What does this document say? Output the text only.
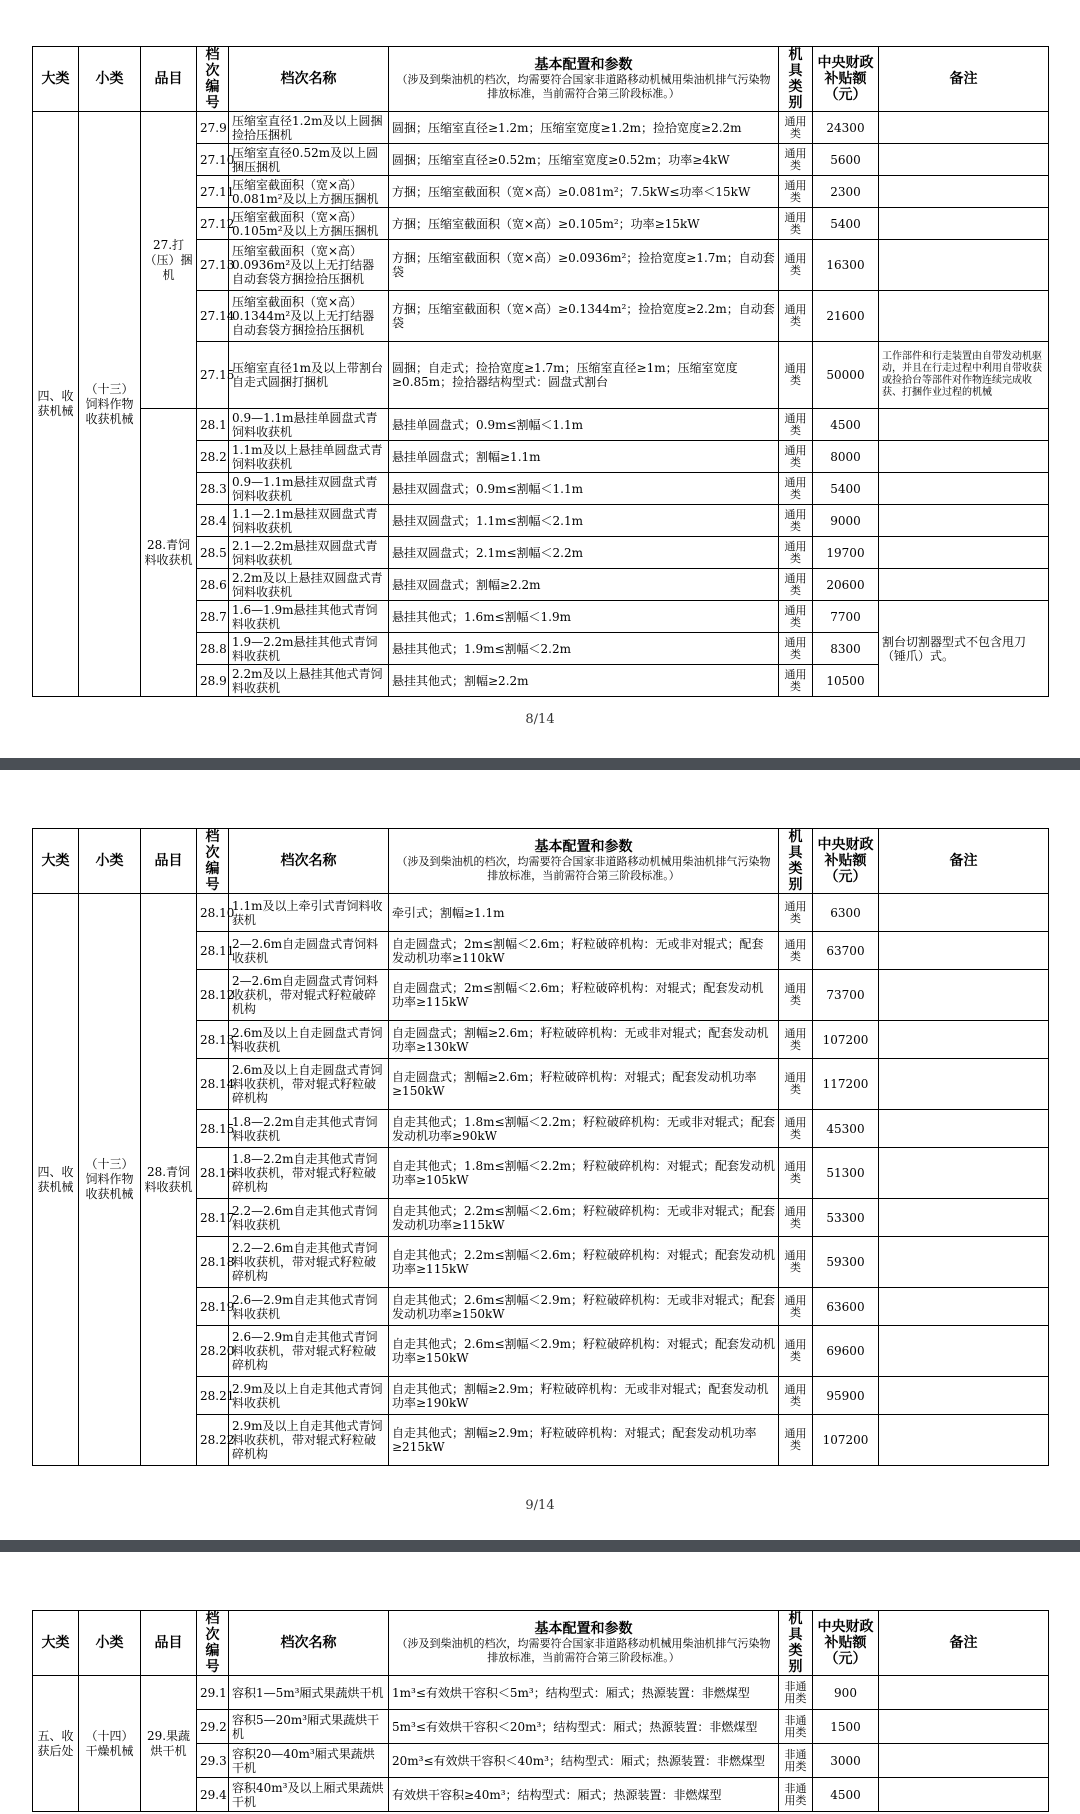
大类	小类	品目	档次编号	档次名称	基本配置和参数
（涉及到柴油机的档次，均需要符合国家非道路移动机械用柴油机排气污染物排放标准，当前需符合第三阶段标准。）	机具类别	中央财政补贴额（元）	备注
四、收获机械	（十三）饲料作物收获机械	27.打（压）捆机	27.9	压缩室直径1.2m及以上圆捆捡拾压捆机	圆捆；压缩室直径≥1.2m；压缩室宽度≥1.2m；捡拾宽度≥2.2m	通用类	24300	
			27.10	压缩室直径0.52m及以上圆捆压捆机	圆捆；压缩室直径≥0.52m；压缩室宽度≥0.52m；功率≥4kW	通用类	5600	
			27.11	压缩室截面积（宽×高）0.081m²及以上方捆压捆机	方捆；压缩室截面积（宽×高）≥0.081m²；7.5kW≤功率＜15kW	通用类	2300	
			27.12	压缩室截面积（宽×高）0.105m²及以上方捆压捆机	方捆；压缩室截面积（宽×高）≥0.105m²；功率≥15kW	通用类	5400	
			27.13	压缩室截面积（宽×高）0.0936m²及以上无打结器自动套袋方捆捡拾压捆机	方捆；压缩室截面积（宽×高）≥0.0936m²；捡拾宽度≥1.7m；自动套袋	通用类	16300	
			27.14	压缩室截面积（宽×高）0.1344m²及以上无打结器自动套袋方捆捡拾压捆机	方捆；压缩室截面积（宽×高）≥0.1344m²；捡拾宽度≥2.2m；自动套袋	通用类	21600	
			27.15	压缩室直径1m及以上带割台自走式圆捆打捆机	圆捆；自走式；捡拾宽度≥1.7m；压缩室直径≥1m；压缩室宽度≥0.85m；捡拾器结构型式：圆盘式割台	通用类	50000	工作部件和行走装置由自带发动机驱动，并且在行走过程中利用自带收获或捡拾台等部件对作物连续完成收获、打捆作业过程的机械
		28.青饲料收获机	28.1	0.9—1.1m悬挂单圆盘式青饲料收获机	悬挂单圆盘式；0.9m≤割幅＜1.1m	通用类	4500	
			28.2	1.1m及以上悬挂单圆盘式青饲料收获机	悬挂单圆盘式；割幅≥1.1m	通用类	8000	
			28.3	0.9—1.1m悬挂双圆盘式青饲料收获机	悬挂双圆盘式；0.9m≤割幅＜1.1m	通用类	5400	
			28.4	1.1—2.1m悬挂双圆盘式青饲料收获机	悬挂双圆盘式；1.1m≤割幅＜2.1m	通用类	9000	
			28.5	2.1—2.2m悬挂双圆盘式青饲料收获机	悬挂双圆盘式；2.1m≤割幅＜2.2m	通用类	19700	
			28.6	2.2m及以上悬挂双圆盘式青饲料收获机	悬挂双圆盘式；割幅≥2.2m	通用类	20600	
			28.7	1.6—1.9m悬挂其他式青饲料收获机	悬挂其他式；1.6m≤割幅＜1.9m	通用类	7700	割台切割器型式不包含甩刀（锤爪）式。
			28.8	1.9—2.2m悬挂其他式青饲料收获机	悬挂其他式；1.9m≤割幅＜2.2m	通用类	8300	
			28.9	2.2m及以上悬挂其他式青饲料收获机	悬挂其他式；割幅≥2.2m	通用类	10500	
8/14
大类	小类	品目	档次编号	档次名称	基本配置和参数
（涉及到柴油机的档次，均需要符合国家非道路移动机械用柴油机排气污染物排放标准，当前需符合第三阶段标准。）	机具类别	中央财政补贴额（元）	备注
四、收获机械	（十三）饲料作物收获机械	28.青饲料收获机	28.10	1.1m及以上牵引式青饲料收获机	牵引式；割幅≥1.1m	通用类	6300	
			28.11	2—2.6m自走圆盘式青饲料收获机	自走圆盘式；2m≤割幅＜2.6m；籽粒破碎机构：无或非对辊式；配套发动机功率≥110kW	通用类	63700	
			28.12	2—2.6m自走圆盘式青饲料收获机，带对辊式籽粒破碎机构	自走圆盘式；2m≤割幅＜2.6m；籽粒破碎机构：对辊式；配套发动机功率≥115kW	通用类	73700	
			28.13	2.6m及以上自走圆盘式青饲料收获机	自走圆盘式；割幅≥2.6m；籽粒破碎机构：无或非对辊式；配套发动机功率≥130kW	通用类	107200	
			28.14	2.6m及以上自走圆盘式青饲料收获机，带对辊式籽粒破碎机构	自走圆盘式；割幅≥2.6m；籽粒破碎机构：对辊式；配套发动机功率≥150kW	通用类	117200	
			28.15	1.8—2.2m自走其他式青饲料收获机	自走其他式；1.8m≤割幅＜2.2m；籽粒破碎机构：无或非对辊式；配套发动机功率≥90kW	通用类	45300	
			28.16	1.8—2.2m自走其他式青饲料收获机，带对辊式籽粒破碎机构	自走其他式；1.8m≤割幅＜2.2m；籽粒破碎机构：对辊式；配套发动机功率≥105kW	通用类	51300	
			28.17	2.2—2.6m自走其他式青饲料收获机	自走其他式；2.2m≤割幅＜2.6m；籽粒破碎机构：无或非对辊式；配套发动机功率≥115kW	通用类	53300	
			28.18	2.2—2.6m自走其他式青饲料收获机，带对辊式籽粒破碎机构	自走其他式；2.2m≤割幅＜2.6m；籽粒破碎机构：对辊式；配套发动机功率≥115kW	通用类	59300	
			28.19	2.6—2.9m自走其他式青饲料收获机	自走其他式；2.6m≤割幅＜2.9m；籽粒破碎机构：无或非对辊式；配套发动机功率≥150kW	通用类	63600	
			28.20	2.6—2.9m自走其他式青饲料收获机，带对辊式籽粒破碎机构	自走其他式；2.6m≤割幅＜2.9m；籽粒破碎机构：对辊式；配套发动机功率≥150kW	通用类	69600	
			28.21	2.9m及以上自走其他式青饲料收获机	自走其他式；割幅≥2.9m；籽粒破碎机构：无或非对辊式；配套发动机功率≥190kW	通用类	95900	
			28.22	2.9m及以上自走其他式青饲料收获机，带对辊式籽粒破碎机构	自走其他式；割幅≥2.9m；籽粒破碎机构：对辊式；配套发动机功率≥215kW	通用类	107200	
9/14
大类	小类	品目	档次编号	档次名称	基本配置和参数
（涉及到柴油机的档次，均需要符合国家非道路移动机械用柴油机排气污染物排放标准，当前需符合第三阶段标准。）	机具类别	中央财政补贴额（元）	备注
五、收获后处	（十四）干燥机械	29.果蔬烘干机	29.1	容积1—5m³厢式果蔬烘干机	1m³≤有效烘干容积＜5m³；结构型式：厢式；热源装置：非燃煤型	非通用类	900	
			29.2	容积5—20m³厢式果蔬烘干机	5m³≤有效烘干容积＜20m³；结构型式：厢式；热源装置：非燃煤型	非通用类	1500	
			29.3	容积20—40m³厢式果蔬烘干机	20m³≤有效烘干容积＜40m³；结构型式：厢式；热源装置：非燃煤型	非通用类	3000	
			29.4	容积40m³及以上厢式果蔬烘干机	有效烘干容积≥40m³；结构型式：厢式；热源装置：非燃煤型	非通用类	4500	
